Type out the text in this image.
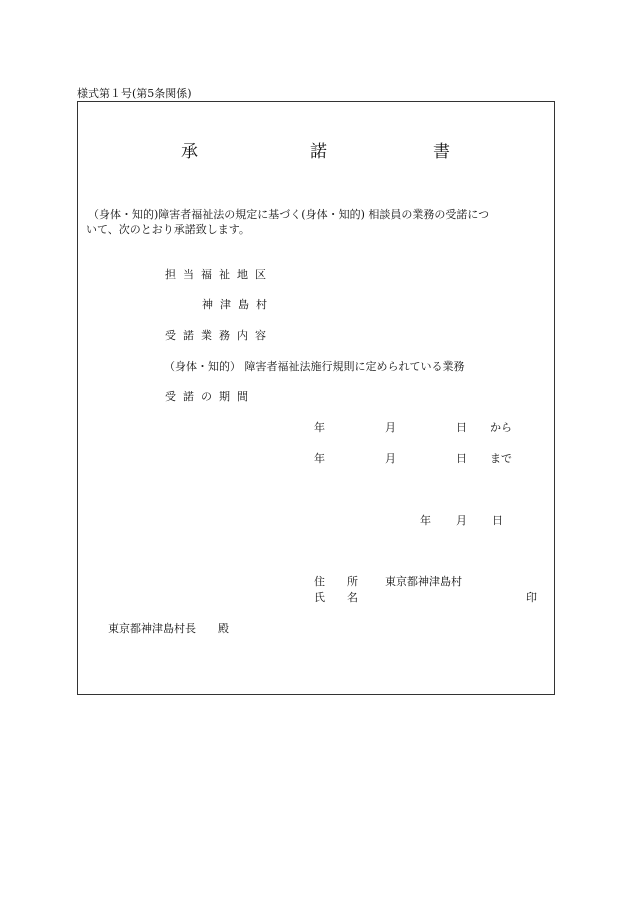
様式第１号(第5条関係)
承	諾	書
（身体・知的)障害者福祉法の規定に基づく(身体・知的) 相談員の業務の受諾につ
いて、次のとおり承諾致します。
担当福祉地区
神津島村
受諾業務内容
（身体・知的） 障害者福祉法施行規則に定められている業務
受諾の期間
年	月	日 から
年	月	日 まで
年 月 日
住　　所 東京都神津島村
氏　　名	印
東京都神津島村長　　殿
